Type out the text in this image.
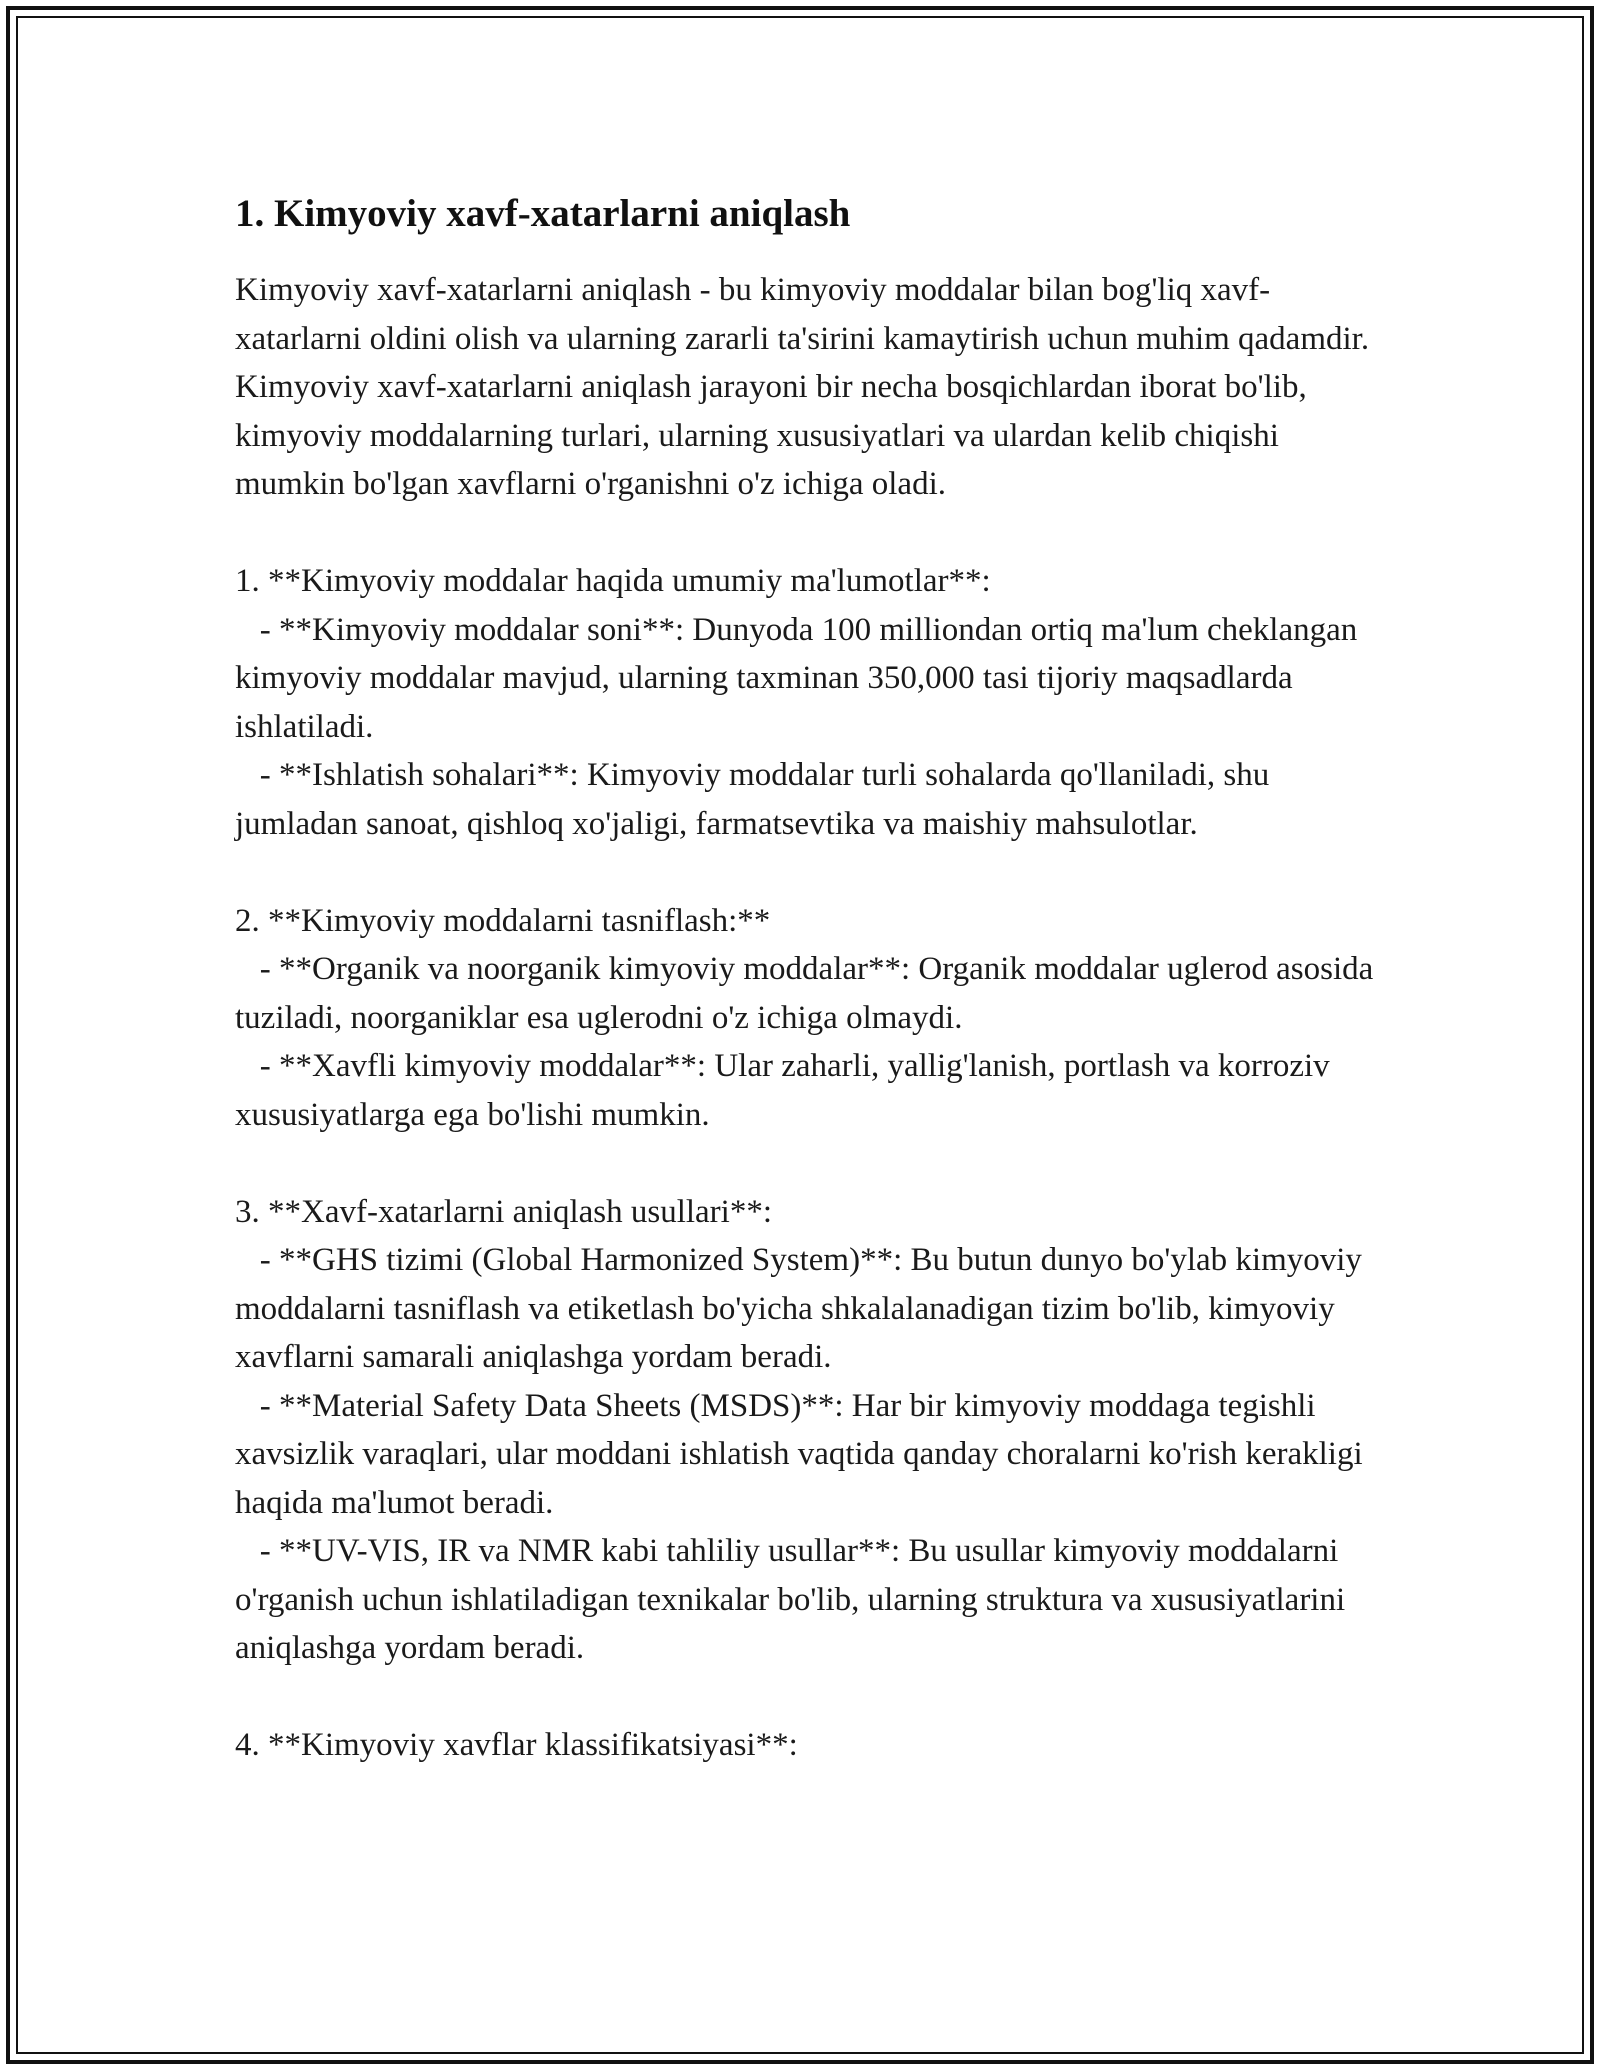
1. Kimyoviy xavf-xatarlarni aniqlash

Kimyoviy xavf-xatarlarni aniqlash - bu kimyoviy moddalar bilan bog'liq xavf-xatarlarni oldini olish va ularning zararli ta'sirini kamaytirish uchun muhim qadamdir. Kimyoviy xavf-xatarlarni aniqlash jarayoni bir necha bosqichlardan iborat bo'lib, kimyoviy moddalarning turlari, ularning xususiyatlari va ulardan kelib chiqishi mumkin bo'lgan xavflarni o'rganishni o'z ichiga oladi.

1. **Kimyoviy moddalar haqida umumiy ma'lumotlar**:

- **Kimyoviy moddalar soni**: Dunyoda 100 milliondan ortiq ma'lum cheklangan kimyoviy moddalar mavjud, ularning taxminan 350,000 tasi tijoriy maqsadlarda ishlatiladi.

- **Ishlatish sohalari**: Kimyoviy moddalar turli sohalarda qo'llaniladi, shu jumladan sanoat, qishloq xo'jaligi, farmatsevtika va maishiy mahsulotlar.

2. **Kimyoviy moddalarni tasniflash:**

- **Organik va noorganik kimyoviy moddalar**: Organik moddalar uglerod asosida tuziladi, noorganiklar esa uglerodni o'z ichiga olmaydi.

- **Xavfli kimyoviy moddalar**: Ular zaharli, yallig'lanish, portlash va korroziv xususiyatlarga ega bo'lishi mumkin.

3. **Xavf-xatarlarni aniqlash usullari**:

- **GHS tizimi (Global Harmonized System)**: Bu butun dunyo bo'ylab kimyoviy moddalarni tasniflash va etiketlash bo'yicha shkalalanadigan tizim bo'lib, kimyoviy xavflarni samarali aniqlashga yordam beradi.

- **Material Safety Data Sheets (MSDS)**: Har bir kimyoviy moddaga tegishli xavsizlik varaqlari, ular moddani ishlatish vaqtida qanday choralarni ko'rish kerakligi haqida ma'lumot beradi.

- **UV-VIS, IR va NMR kabi tahliliy usullar**: Bu usullar kimyoviy moddalarni o'rganish uchun ishlatiladigan texnikalar bo'lib, ularning struktura va xususiyatlarini aniqlashga yordam beradi.

4. **Kimyoviy xavflar klassifikatsiyasi**:
